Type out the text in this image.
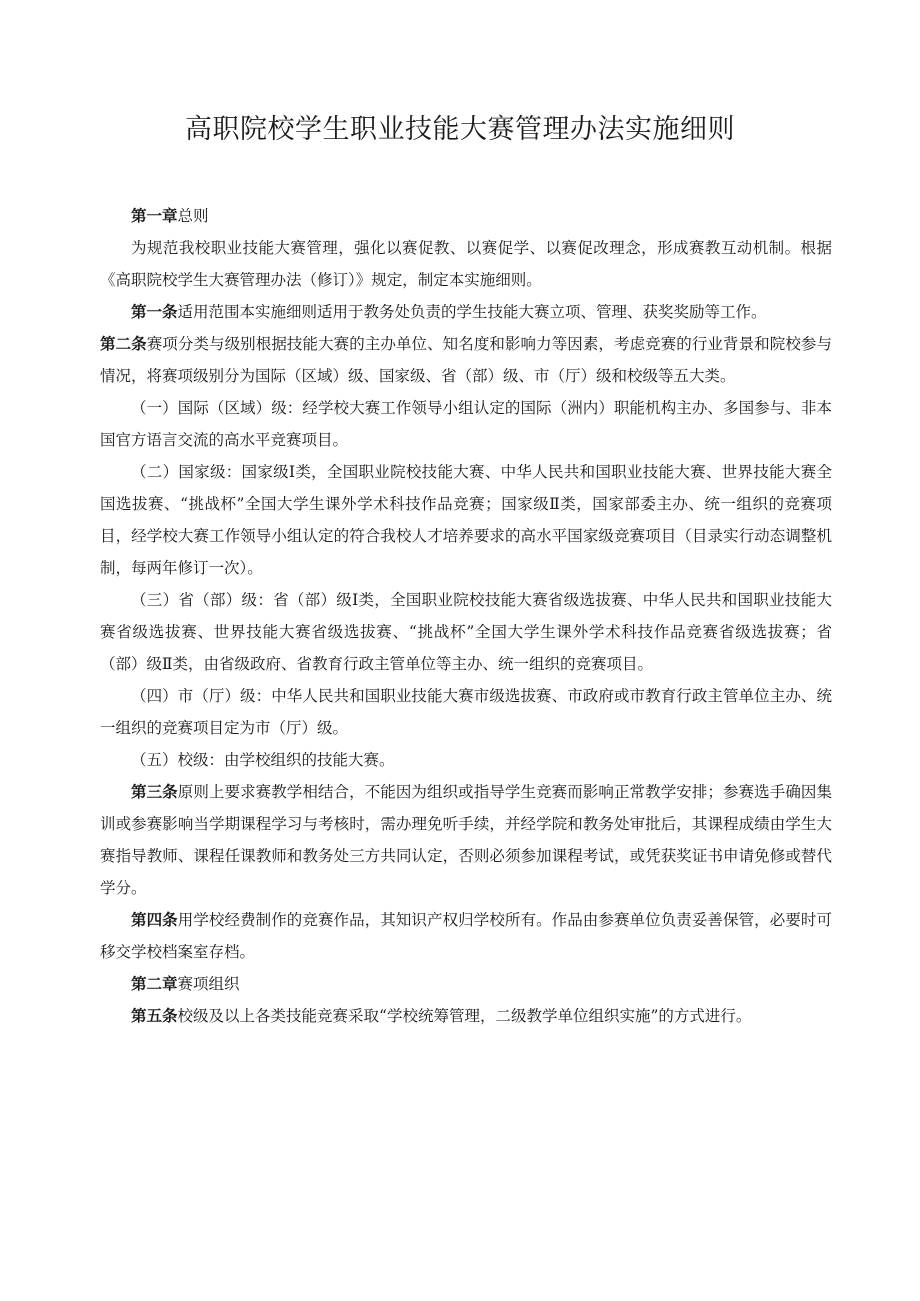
高职院校学生职业技能大赛管理办法实施细则

第一章总则

为规范我校职业技能大赛管理，强化以赛促教、以赛促学、以赛促改理念，形成赛教互动机制。根据《高职院校学生大赛管理办法（修订）》规定，制定本实施细则。

第一条适用范围本实施细则适用于教务处负责的学生技能大赛立项、管理、获奖奖励等工作。

第二条赛项分类与级别根据技能大赛的主办单位、知名度和影响力等因素，考虑竞赛的行业背景和院校参与情况，将赛项级别分为国际（区域）级、国家级、省（部）级、市（厅）级和校级等五大类。

（一）国际（区域）级：经学校大赛工作领导小组认定的国际（洲内）职能机构主办、多国参与、非本国官方语言交流的高水平竞赛项目。

（二）国家级：国家级Ⅰ类，全国职业院校技能大赛、中华人民共和国职业技能大赛、世界技能大赛全国选拔赛、“挑战杯”全国大学生课外学术科技作品竞赛；国家级Ⅱ类，国家部委主办、统一组织的竞赛项目，经学校大赛工作领导小组认定的符合我校人才培养要求的高水平国家级竞赛项目（目录实行动态调整机制，每两年修订一次）。

（三）省（部）级：省（部）级Ⅰ类，全国职业院校技能大赛省级选拔赛、中华人民共和国职业技能大赛省级选拔赛、世界技能大赛省级选拔赛、“挑战杯”全国大学生课外学术科技作品竞赛省级选拔赛；省（部）级Ⅱ类，由省级政府、省教育行政主管单位等主办、统一组织的竞赛项目。

（四）市（厅）级：中华人民共和国职业技能大赛市级选拔赛、市政府或市教育行政主管单位主办、统一组织的竞赛项目定为市（厅）级。

（五）校级：由学校组织的技能大赛。

第三条原则上要求赛教学相结合，不能因为组织或指导学生竞赛而影响正常教学安排；参赛选手确因集训或参赛影响当学期课程学习与考核时，需办理免听手续，并经学院和教务处审批后，其课程成绩由学生大赛指导教师、课程任课教师和教务处三方共同认定，否则必须参加课程考试，或凭获奖证书申请免修或替代学分。

第四条用学校经费制作的竞赛作品，其知识产权归学校所有。作品由参赛单位负责妥善保管，必要时可移交学校档案室存档。

第二章赛项组织

第五条校级及以上各类技能竞赛采取“学校统筹管理，二级教学单位组织实施”的方式进行。
